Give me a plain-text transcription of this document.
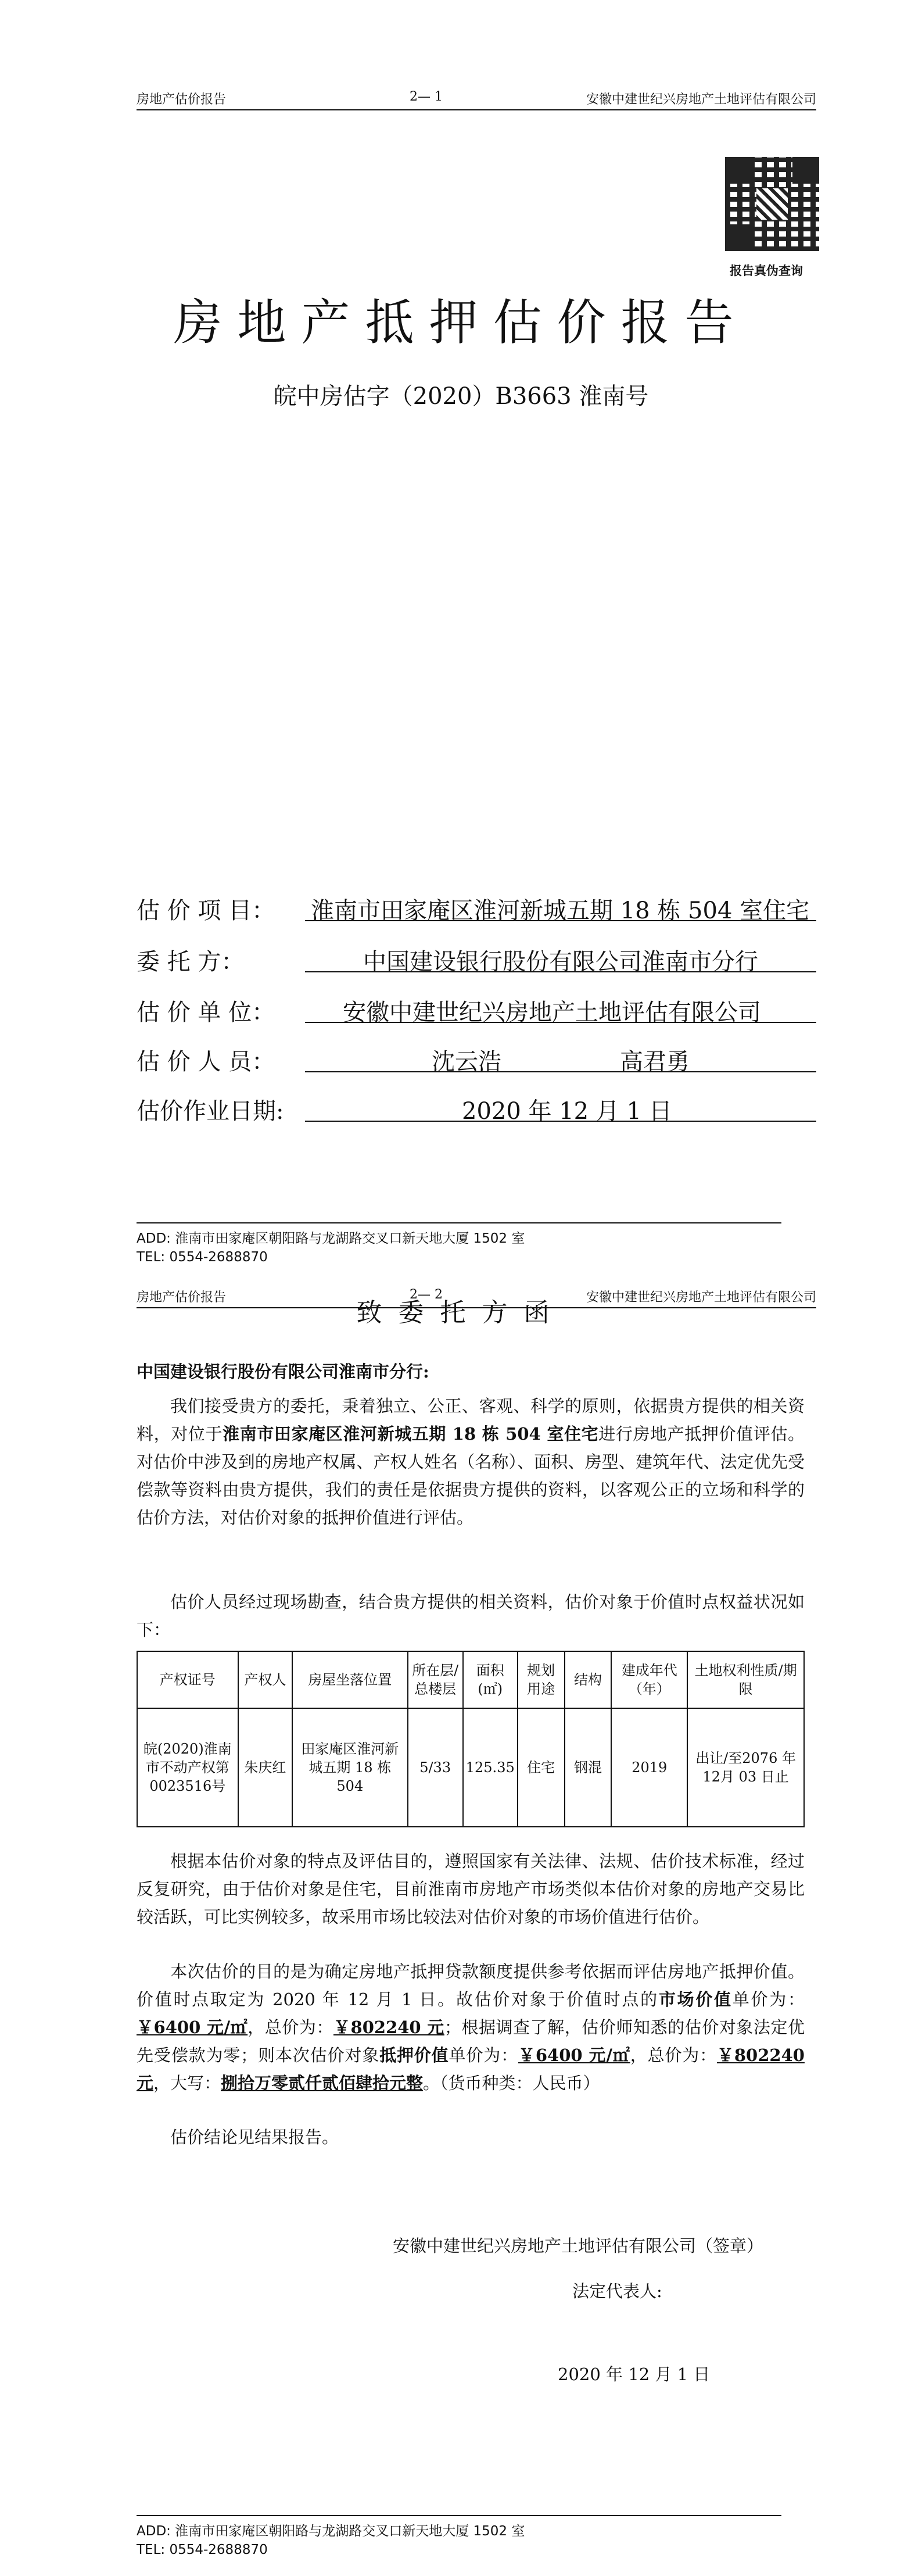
房地产估价报告	2— 1	安徽中建世纪兴房地产土地评估有限公司
报告真伪查询
房地产抵押估价报告
皖中房估字（2020）B3663 淮南号
估 价 项 目： 淮南市田家庵区淮河新城五期 18 栋 504 室住宅
委 托 方：	中国建设银行股份有限公司淮南市分行
估 价 单 位：	安徽中建世纪兴房地产土地评估有限公司
估 价 人 员：	沈云浩	高君勇
估价作业日期:	2020 年 12 月 1 日
ADD: 淮南市田家庵区朝阳路与龙湖路交叉口新天地大厦 1502 室
TEL: 0554-2688870
房地产估价报告	2— 2	安徽中建世纪兴房地产土地评估有限公司
致委托方函
中国建设银行股份有限公司淮南市分行:
我们接受贵方的委托，秉着独立、公正、客观、科学的原则，依据贵方提供的相关资料，对位于淮南市田家庵区淮河新城五期 18 栋 504 室住宅进行房地产抵押价值评估。对估价中涉及到的房地产权属、产权人姓名（名称）、面积、房型、建筑年代、法定优先受偿款等资料由贵方提供，我们的责任是依据贵方提供的资料，以客观公正的立场和科学的估价方法，对估价对象的抵押价值进行评估。
估价人员经过现场勘查，结合贵方提供的相关资料，估价对象于价值时点权益状况如下：
产权证号	产权人	房屋坐落位置	所在层/总楼层	面积(㎡)	规划用途	结构	建成年代（年）	土地权利性质/期限
皖(2020)淮南市不动产权第0023516号	朱庆红	田家庵区淮河新城五期 18 栋 504	5/33	125.35	住宅	钢混	2019	出让/至2076 年 12月 03 日止
根据本估价对象的特点及评估目的，遵照国家有关法律、法规、估价技术标准，经过反复研究，由于估价对象是住宅，目前淮南市房地产市场类似本估价对象的房地产交易比较活跃，可比实例较多，故采用市场比较法对估价对象的市场价值进行估价。
本次估价的目的是为确定房地产抵押贷款额度提供参考依据而评估房地产抵押价值。价值时点取定为 2020 年 12 月 1 日。故估价对象于价值时点的市场价值单价为：￥6400 元/㎡，总价为：￥802240 元；根据调查了解，估价师知悉的估价对象法定优先受偿款为零；则本次估价对象抵押价值单价为：￥6400 元/㎡，总价为：￥802240 元，大写：捌拾万零贰仟贰佰肆拾元整。（货币种类：人民币）
估价结论见结果报告。
安徽中建世纪兴房地产土地评估有限公司（签章）
法定代表人:
2020 年 12 月 1 日
ADD: 淮南市田家庵区朝阳路与龙湖路交叉口新天地大厦 1502 室
TEL: 0554-2688870
